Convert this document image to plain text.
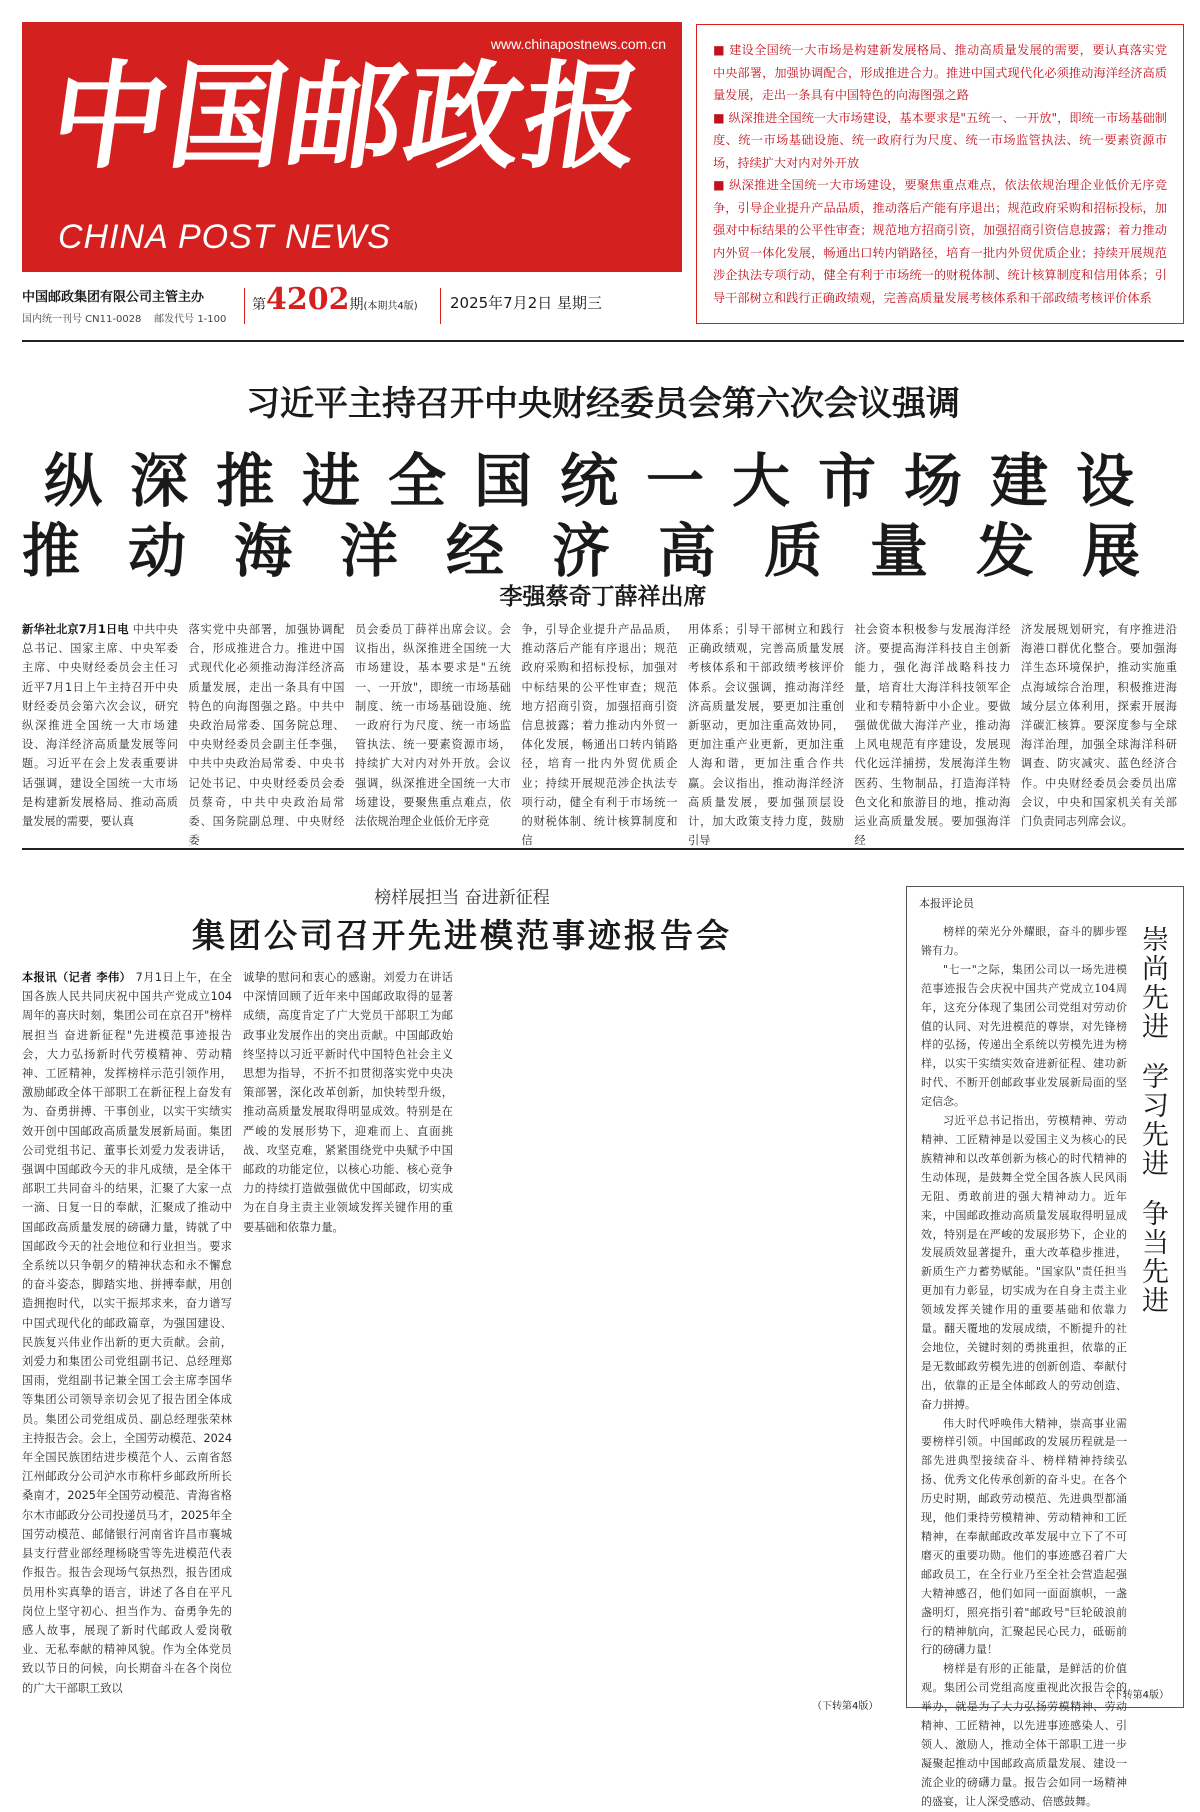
www.chinapostnews.com.cn
中国邮政报
CHINA POST NEWS
中国邮政集团有限公司主管主办
国内统一刊号 CN11-0028    邮发代号 1-100
第4202期(本期共4版) 2025年7月2日 星期三

■ 建设全国统一大市场是构建新发展格局、推动高质量发展的需要，要认真落实党中央部署，加强协调配合，形成推进合力。推进中国式现代化必须推动海洋经济高质量发展，走出一条具有中国特色的向海图强之路

■ 纵深推进全国统一大市场建设，基本要求是"五统一、一开放"，即统一市场基础制度、统一市场基础设施、统一政府行为尺度、统一市场监管执法、统一要素资源市场，持续扩大对内对外开放

■ 纵深推进全国统一大市场建设，要聚焦重点难点，依法依规治理企业低价无序竞争，引导企业提升产品品质，推动落后产能有序退出；规范政府采购和招标投标，加强对中标结果的公平性审查；规范地方招商引资，加强招商引资信息披露；着力推动内外贸一体化发展，畅通出口转内销路径，培育一批内外贸优质企业；持续开展规范涉企执法专项行动，健全有利于市场统一的财税体制、统计核算制度和信用体系；引导干部树立和践行正确政绩观，完善高质量发展考核体系和干部政绩考核评价体系

习近平主持召开中央财经委员会第六次会议强调
纵深推进全国统一大市场建设
推动海洋经济高质量发展
李强蔡奇丁薛祥出席

新华社北京7月1日电 中共中央总书记、国家主席、中央军委主席、中央财经委员会主任习近平7月1日上午主持召开中央财经委员会第六次会议，研究纵深推进全国统一大市场建设、海洋经济高质量发展等问题。习近平在会上发表重要讲话强调，建设全国统一大市场是构建新发展格局、推动高质量发展的需要，要认真

落实党中央部署，加强协调配合，形成推进合力。推进中国式现代化必须推动海洋经济高质量发展，走出一条具有中国特色的向海图强之路。中共中央政治局常委、国务院总理、中央财经委员会副主任李强，中共中央政治局常委、中央书记处书记、中央财经委员会委员蔡奇，中共中央政治局常委、国务院副总理、中央财经委

员会委员丁薛祥出席会议。会议指出，纵深推进全国统一大市场建设，基本要求是"五统一、一开放"，即统一市场基础制度、统一市场基础设施、统一政府行为尺度、统一市场监管执法、统一要素资源市场，持续扩大对内对外开放。会议强调，纵深推进全国统一大市场建设，要聚焦重点难点，依法依规治理企业低价无序竞

争，引导企业提升产品品质，推动落后产能有序退出；规范政府采购和招标投标，加强对中标结果的公平性审查；规范地方招商引资，加强招商引资信息披露；着力推动内外贸一体化发展，畅通出口转内销路径，培育一批内外贸优质企业；持续开展规范涉企执法专项行动，健全有利于市场统一的财税体制、统计核算制度和信

用体系；引导干部树立和践行正确政绩观，完善高质量发展考核体系和干部政绩考核评价体系。会议强调，推动海洋经济高质量发展，要更加注重创新驱动，更加注重高效协同，更加注重产业更新，更加注重人海和谐，更加注重合作共赢。会议指出，推动海洋经济高质量发展，要加强顶层设计，加大政策支持力度，鼓励引导

社会资本积极参与发展海洋经济。要提高海洋科技自主创新能力，强化海洋战略科技力量，培育壮大海洋科技领军企业和专精特新中小企业。要做强做优做大海洋产业，推动海上风电规范有序建设，发展现代化远洋捕捞，发展海洋生物医药、生物制品，打造海洋特色文化和旅游目的地，推动海运业高质量发展。要加强海洋经

济发展规划研究，有序推进沿海港口群优化整合。要加强海洋生态环境保护，推动实施重点海域综合治理，积极推进海域分层立体利用，探索开展海洋碳汇核算。要深度参与全球海洋治理，加强全球海洋科研调查、防灾减灾、蓝色经济合作。中央财经委员会委员出席会议，中央和国家机关有关部门负责同志列席会议。

榜样展担当 奋进新征程
集团公司召开先进模范事迹报告会

本报讯（记者 李伟） 7月1日上午，在全国各族人民共同庆祝中国共产党成立104周年的喜庆时刻，集团公司在京召开"榜样展担当 奋进新征程"先进模范事迹报告会，大力弘扬新时代劳模精神、劳动精神、工匠精神，发挥榜样示范引领作用，激励邮政全体干部职工在新征程上奋发有为、奋勇拼搏、干事创业，以实干实绩实效开创中国邮政高质量发展新局面。集团公司党组书记、董事长刘爱力发表讲话，强调中国邮政今天的非凡成绩，是全体干部职工共同奋斗的结果，汇聚了大家一点一滴、日复一日的奉献，汇聚成了推动中国邮政高质量发展的磅礴力量，铸就了中国邮政今天的社会地位和行业担当。要求全系统以只争朝夕的精神状态和永不懈怠的奋斗姿态，脚踏实地、拼搏奉献，用创造拥抱时代，以实干振邦求来，奋力谱写中国式现代化的邮政篇章，为强国建设、民族复兴伟业作出新的更大贡献。会前，刘爱力和集团公司党组副书记、总经理郑国雨，党组副书记兼全国工会主席李国华等集团公司领导亲切会见了报告团全体成员。集团公司党组成员、副总经理张荣林主持报告会。会上，全国劳动模范、2024年全国民族团结进步模范个人、云南省怒江州邮政分公司泸水市称杆乡邮政所所长桑南才，2025年全国劳动模范、青海省格尔木市邮政分公司投递员马才，2025年全国劳动模范、邮储银行河南省许昌市襄城县支行营业部经理杨晓雪等先进模范代表作报告。报告会现场气氛热烈，报告团成员用朴实真挚的语言，讲述了各自在平凡岗位上坚守初心、担当作为、奋勇争先的感人故事，展现了新时代邮政人爱岗敬业、无私奉献的精神风貌。作为全体党员致以节日的问候，向长期奋斗在各个岗位的广大干部职工致以

诚挚的慰问和衷心的感谢。刘爱力在讲话中深情回顾了近年来中国邮政取得的显著成绩，高度肯定了广大党员干部职工为邮政事业发展作出的突出贡献。中国邮政始终坚持以习近平新时代中国特色社会主义思想为指导，不折不扣贯彻落实党中央决策部署，深化改革创新，加快转型升级，推动高质量发展取得明显成效。特别是在严峻的发展形势下，迎难而上、直面挑战、攻坚克难，紧紧围绕党中央赋予中国邮政的功能定位，以核心功能、核心竞争力的持续打造做强做优中国邮政，切实成为在自身主责主业领域发挥关键作用的重要基础和依靠力量。

（下转第4版）
本报评论员

榜样的荣光分外耀眼，奋斗的脚步铿锵有力。

"七一"之际，集团公司以一场先进模范事迹报告会庆祝中国共产党成立104周年，这充分体现了集团公司党组对劳动价值的认同、对先进模范的尊崇，对先锋榜样的弘扬，传递出全系统以劳模先进为榜样，以实干实绩实效奋进新征程、建功新时代、不断开创邮政事业发展新局面的坚定信念。

习近平总书记指出，劳模精神、劳动精神、工匠精神是以爱国主义为核心的民族精神和以改革创新为核心的时代精神的生动体现，是鼓舞全党全国各族人民风雨无阻、勇敢前进的强大精神动力。近年来，中国邮政推动高质量发展取得明显成效，特别是在严峻的发展形势下，企业的发展质效显著提升，重大改革稳步推进，新质生产力蓄势赋能。"国家队"责任担当更加有力彰显，切实成为在自身主责主业领域发挥关键作用的重要基础和依靠力量。翻天覆地的发展成绩，不断提升的社会地位，关键时刻的勇挑重担，依靠的正是无数邮政劳模先进的创新创造、奉献付出，依靠的正是全体邮政人的劳动创造、奋力拼搏。

伟大时代呼唤伟大精神，崇高事业需要榜样引领。中国邮政的发展历程就是一部先进典型接续奋斗、榜样精神持续弘扬、优秀文化传承创新的奋斗史。在各个历史时期，邮政劳动模范、先进典型都涌现，他们秉持劳模精神、劳动精神和工匠精神，在奉献邮政改革发展中立下了不可磨灭的重要功勋。他们的事迹感召着广大邮政员工，在全行业乃至全社会营造起强大精神感召，他们如同一面面旗帜，一盏盏明灯，照亮指引着"邮政号"巨轮破浪前行的精神航向，汇聚起民心民力，砥砺前行的磅礴力量！

榜样是有形的正能量，是鲜活的价值观。集团公司党组高度重视此次报告会的举办，就是为了大力弘扬劳模精神、劳动精神、工匠精神，以先进事迹感染人、引领人、激励人，推动全体干部职工进一步凝聚起推动中国邮政高质量发展、建设一流企业的磅礴力量。报告会如同一场精神的盛宴，让人深受感动、倍感鼓舞。

崇尚先进  学习先进  争当先进
（下转第4版）
